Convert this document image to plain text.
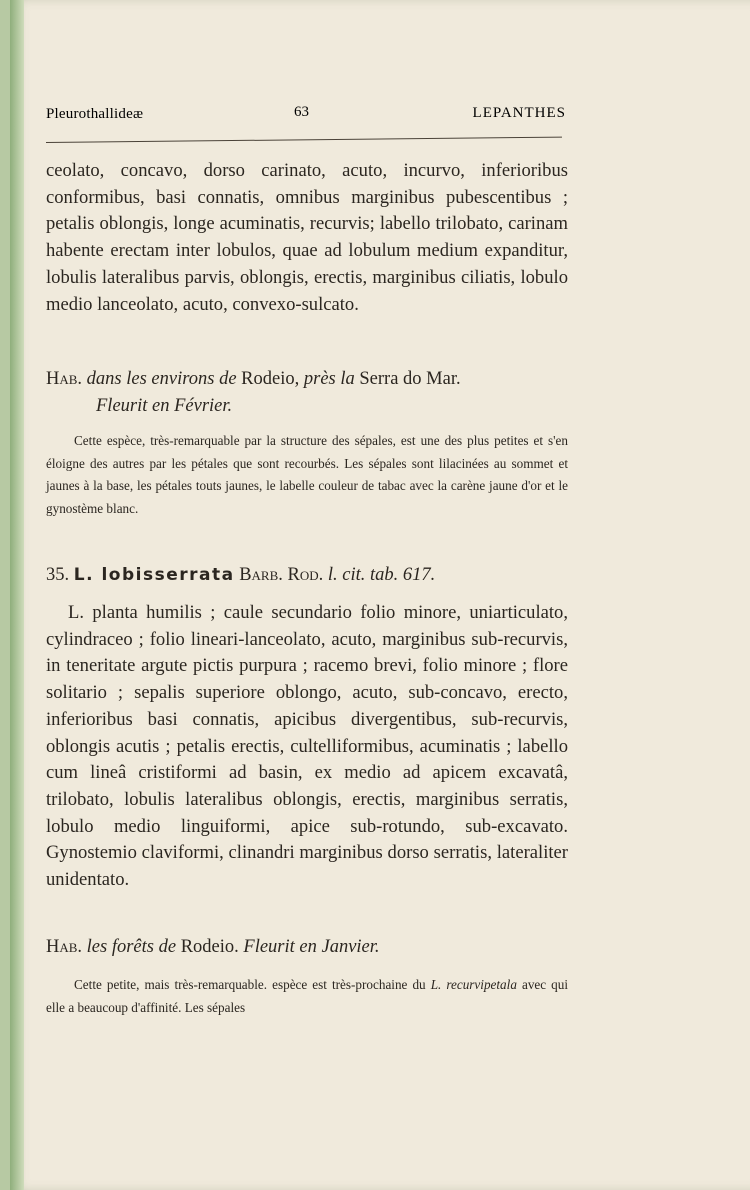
Pleurothallideæ	63	LEPANTHES

ceolato, concavo, dorso carinato, acuto, incurvo, inferioribus conformibus, basi connatis, omnibus marginibus pubescentibus ; petalis oblongis, longe acuminatis, recurvis; labello trilobato, carinam habente erectam inter lobulos, quae ad lobulum medium expanditur, lobulis lateralibus parvis, oblongis, erectis, marginibus ciliatis, lobulo medio lanceolato, acuto, convexo-sulcato.

Hab. dans les environs de Rodeio, près la Serra do Mar.
Fleurit en Février.

Cette espèce, très-remarquable par la structure des sépales, est une des plus petites et s'en éloigne des autres par les pétales que sont recourbés. Les sépales sont lilacinées au sommet et jaunes à la base, les pétales touts jaunes, le labelle couleur de tabac avec la carène jaune d'or et le gynostème blanc.

35. L. lobisserrata Barb. Rod. l. cit. tab. 617.

L. planta humilis ; caule secundario folio minore, uniarticulato, cylindraceo ; folio lineari-lanceolato, acuto, marginibus sub-recurvis, in teneritate argute pictis purpura ; racemo brevi, folio minore ; flore solitario ; sepalis superiore oblongo, acuto, sub-concavo, erecto, inferioribus basi connatis, apicibus divergentibus, sub-recurvis, oblongis acutis ; petalis erectis, cultelliformibus, acuminatis ; labello cum lineâ cristiformi ad basin, ex medio ad apicem excavatâ, trilobato, lobulis lateralibus oblongis, erectis, marginibus serratis, lobulo medio linguiformi, apice sub-rotundo, sub-excavato. Gynostemio claviformi, clinandri marginibus dorso serratis, lateraliter unidentato.

Hab. les forêts de Rodeio. Fleurit en Janvier.

Cette petite, mais très-remarquable. espèce est très-prochaine du L. recurvipetala avec qui elle a beaucoup d'affinité. Les sépales
